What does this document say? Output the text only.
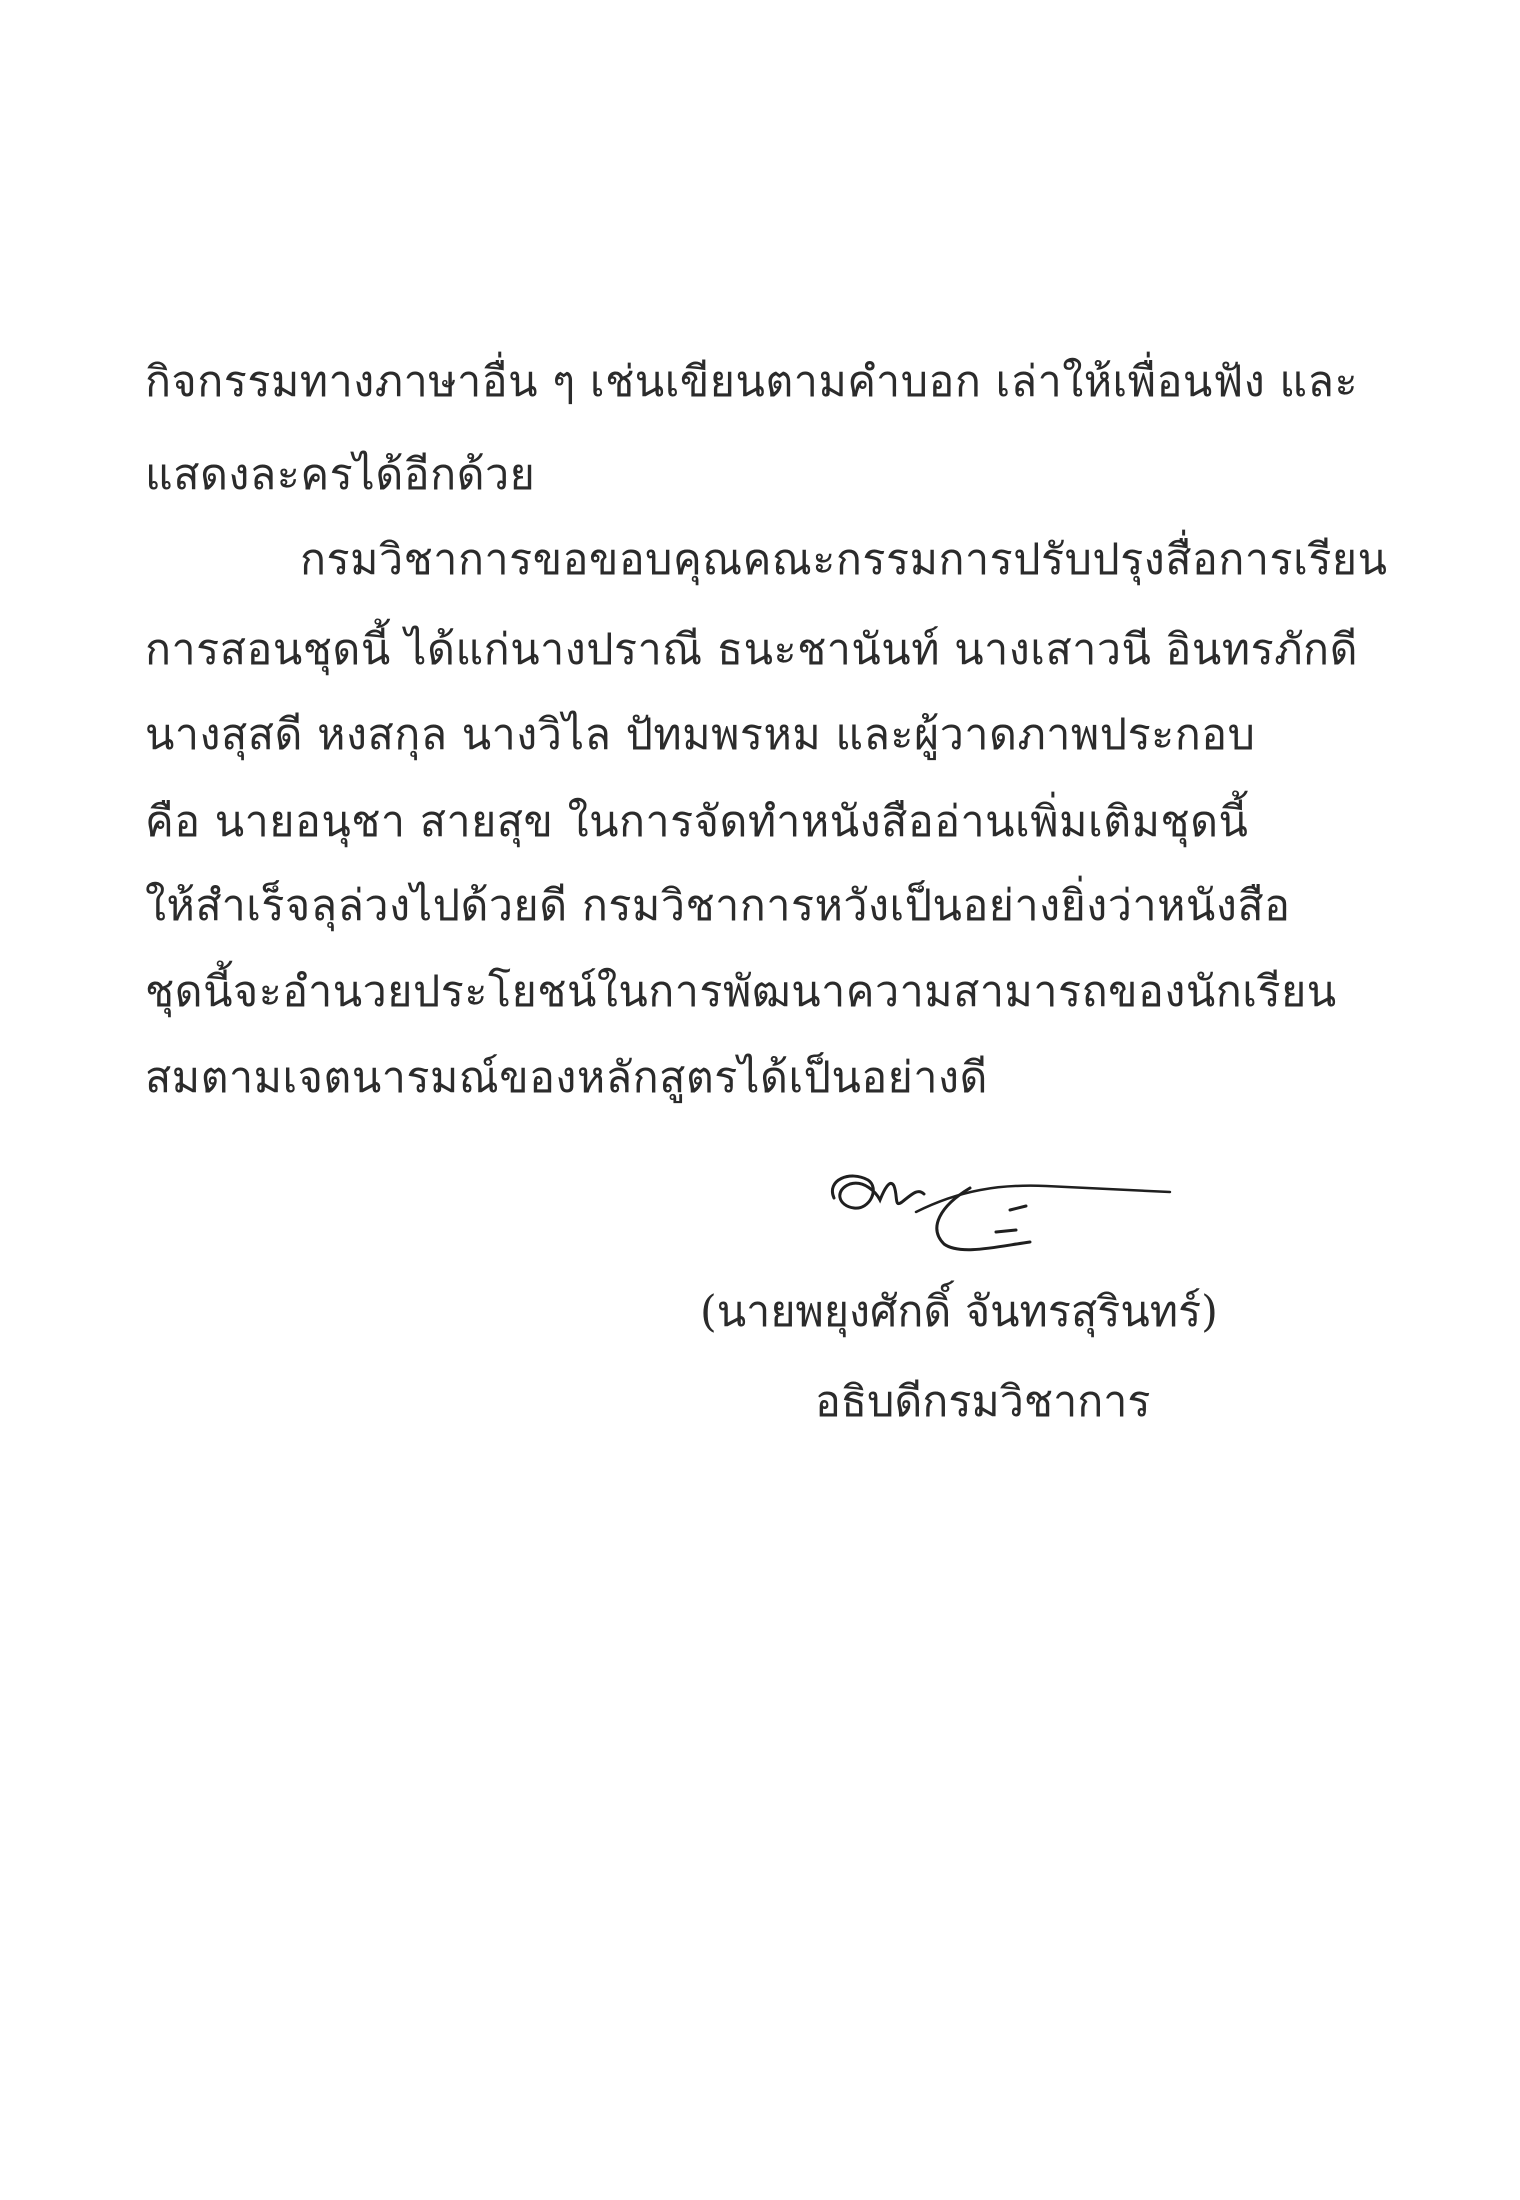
กิจกรรมทางภาษาอื่น ๆ เช่นเขียนตามคำบอก เล่าให้เพื่อนฟัง และ
แสดงละครได้อีกด้วย
กรมวิชาการขอขอบคุณคณะกรรมการปรับปรุงสื่อการเรียน
การสอนชุดนี้ ได้แก่นางปราณี ธนะชานันท์ นางเสาวนี อินทรภักดี
นางสุสดี หงสกุล นางวิไล ปัทมพรหม และผู้วาดภาพประกอบ
คือ นายอนุชา สายสุข ในการจัดทำหนังสืออ่านเพิ่มเติมชุดนี้
ให้สำเร็จลุล่วงไปด้วยดี กรมวิชาการหวังเป็นอย่างยิ่งว่าหนังสือ
ชุดนี้จะอำนวยประโยชน์ในการพัฒนาความสามารถของนักเรียน
สมตามเจตนารมณ์ของหลักสูตรได้เป็นอย่างดี
(นายพยุงศักดิ์ จันทรสุรินทร์)
อธิบดีกรมวิชาการ
